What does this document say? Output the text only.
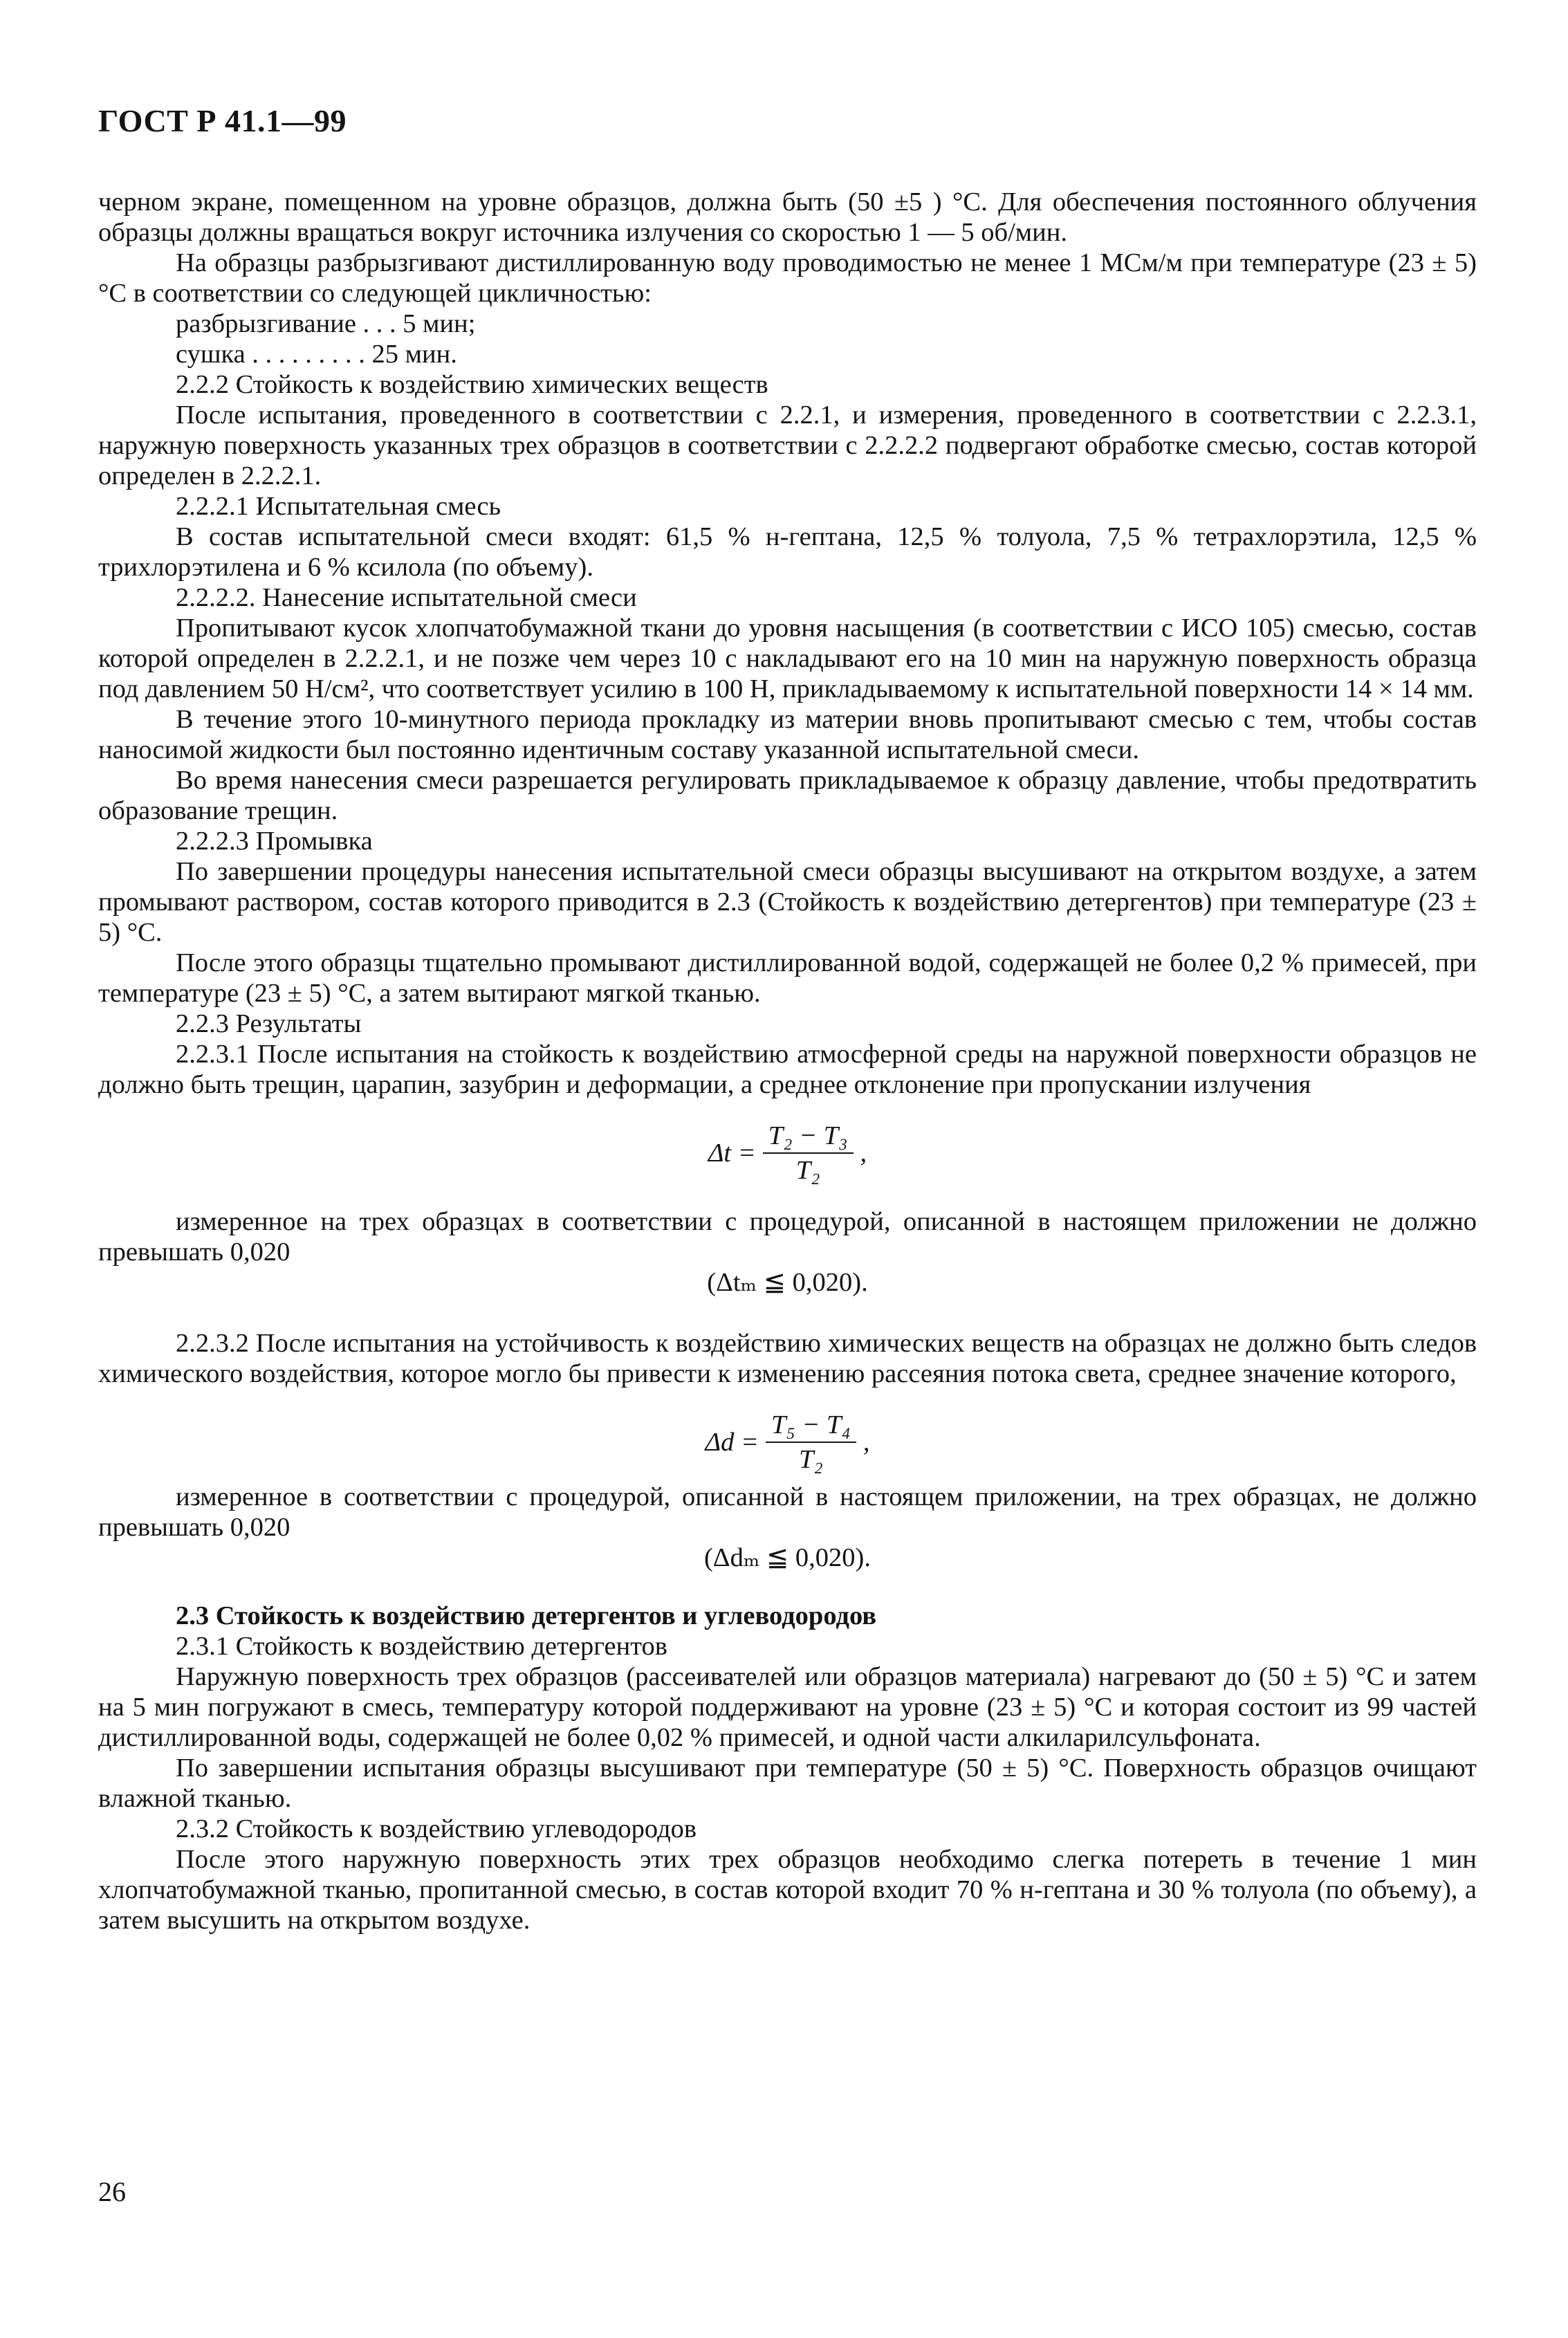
ГОСТ Р 41.1—99

черном экране, помещенном на уровне образцов, должна быть (50 ±5 ) °С. Для обеспечения постоянного облучения образцы должны вращаться вокруг источника излучения со скоростью 1 — 5 об/мин.

На образцы разбрызгивают дистиллированную воду проводимостью не менее 1 МСм/м при температуре (23 ± 5) °С в соответствии со следующей цикличностью:

разбрызгивание . . . 5 мин;

сушка . . . . . . . . . 25 мин.

2.2.2 Стойкость к воздействию химических веществ

После испытания, проведенного в соответствии с 2.2.1, и измерения, проведенного в соответствии с 2.2.3.1, наружную поверхность указанных трех образцов в соответствии с 2.2.2.2 подвергают обработке смесью, состав которой определен в 2.2.2.1.

2.2.2.1 Испытательная смесь

В состав испытательной смеси входят: 61,5 % н-гептана, 12,5 % толуола, 7,5 % тетрахлорэтила, 12,5 % трихлорэтилена и 6 % ксилола (по объему).

2.2.2.2. Нанесение испытательной смеси

Пропитывают кусок хлопчатобумажной ткани до уровня насыщения (в соответствии с ИСО 105) смесью, состав которой определен в 2.2.2.1, и не позже чем через 10 с накладывают его на 10 мин на наружную поверхность образца под давлением 50 Н/см², что соответствует усилию в 100 Н, прикладываемому к испытательной поверхности 14 × 14 мм.

В течение этого 10-минутного периода прокладку из материи вновь пропитывают смесью с тем, чтобы состав наносимой жидкости был постоянно идентичным составу указанной испытательной смеси.

Во время нанесения смеси разрешается регулировать прикладываемое к образцу давление, чтобы предотвратить образование трещин.

2.2.2.3 Промывка

По завершении процедуры нанесения испытательной смеси образцы высушивают на открытом воздухе, а затем промывают раствором, состав которого приводится в 2.3 (Стойкость к воздействию детергентов) при температуре (23 ± 5) °С.

После этого образцы тщательно промывают дистиллированной водой, содержащей не более 0,2 % примесей, при температуре (23 ± 5) °С, а затем вытирают мягкой тканью.

2.2.3 Результаты

2.2.3.1 После испытания на стойкость к воздействию атмосферной среды на наружной поверхности образцов не должно быть трещин, царапин, зазубрин и деформации, а среднее отклонение при пропускании излучения

$\Delta t = \frac{\text{T₂ − T₃}}{\text{T₂}}$ ,

измеренное на трех образцах в соответствии с процедурой, описанной в настоящем приложении не должно превышать 0,020

(Δtₘ ≦ 0,020).

2.2.3.2 После испытания на устойчивость к воздействию химических веществ на образцах не должно быть следов химического воздействия, которое могло бы привести к изменению рассеяния потока света, среднее значение которого,

$\Delta d = \frac{\text{T₅ − T₄}}{\text{T₂}}$ ,

измеренное в соответствии с процедурой, описанной в настоящем приложении, на трех образцах, не должно превышать 0,020

(Δdₘ ≦ 0,020).

2.3 Стойкость к воздействию детергентов и углеводородов

2.3.1 Стойкость к воздействию детергентов

Наружную поверхность трех образцов (рассеивателей или образцов материала) нагревают до (50 ± 5) °С и затем на 5 мин погружают в смесь, температуру которой поддерживают на уровне (23 ± 5) °С и которая состоит из 99 частей дистиллированной воды, содержащей не более 0,02 % примесей, и одной части алкиларилсульфоната.

По завершении испытания образцы высушивают при температуре (50 ± 5) °С. Поверхность образцов очищают влажной тканью.

2.3.2 Стойкость к воздействию углеводородов

После этого наружную поверхность этих трех образцов необходимо слегка потереть в течение 1 мин хлопчатобумажной тканью, пропитанной смесью, в состав которой входит 70 % н-гептана и 30 % толуола (по объему), а затем высушить на открытом воздухе.

26
